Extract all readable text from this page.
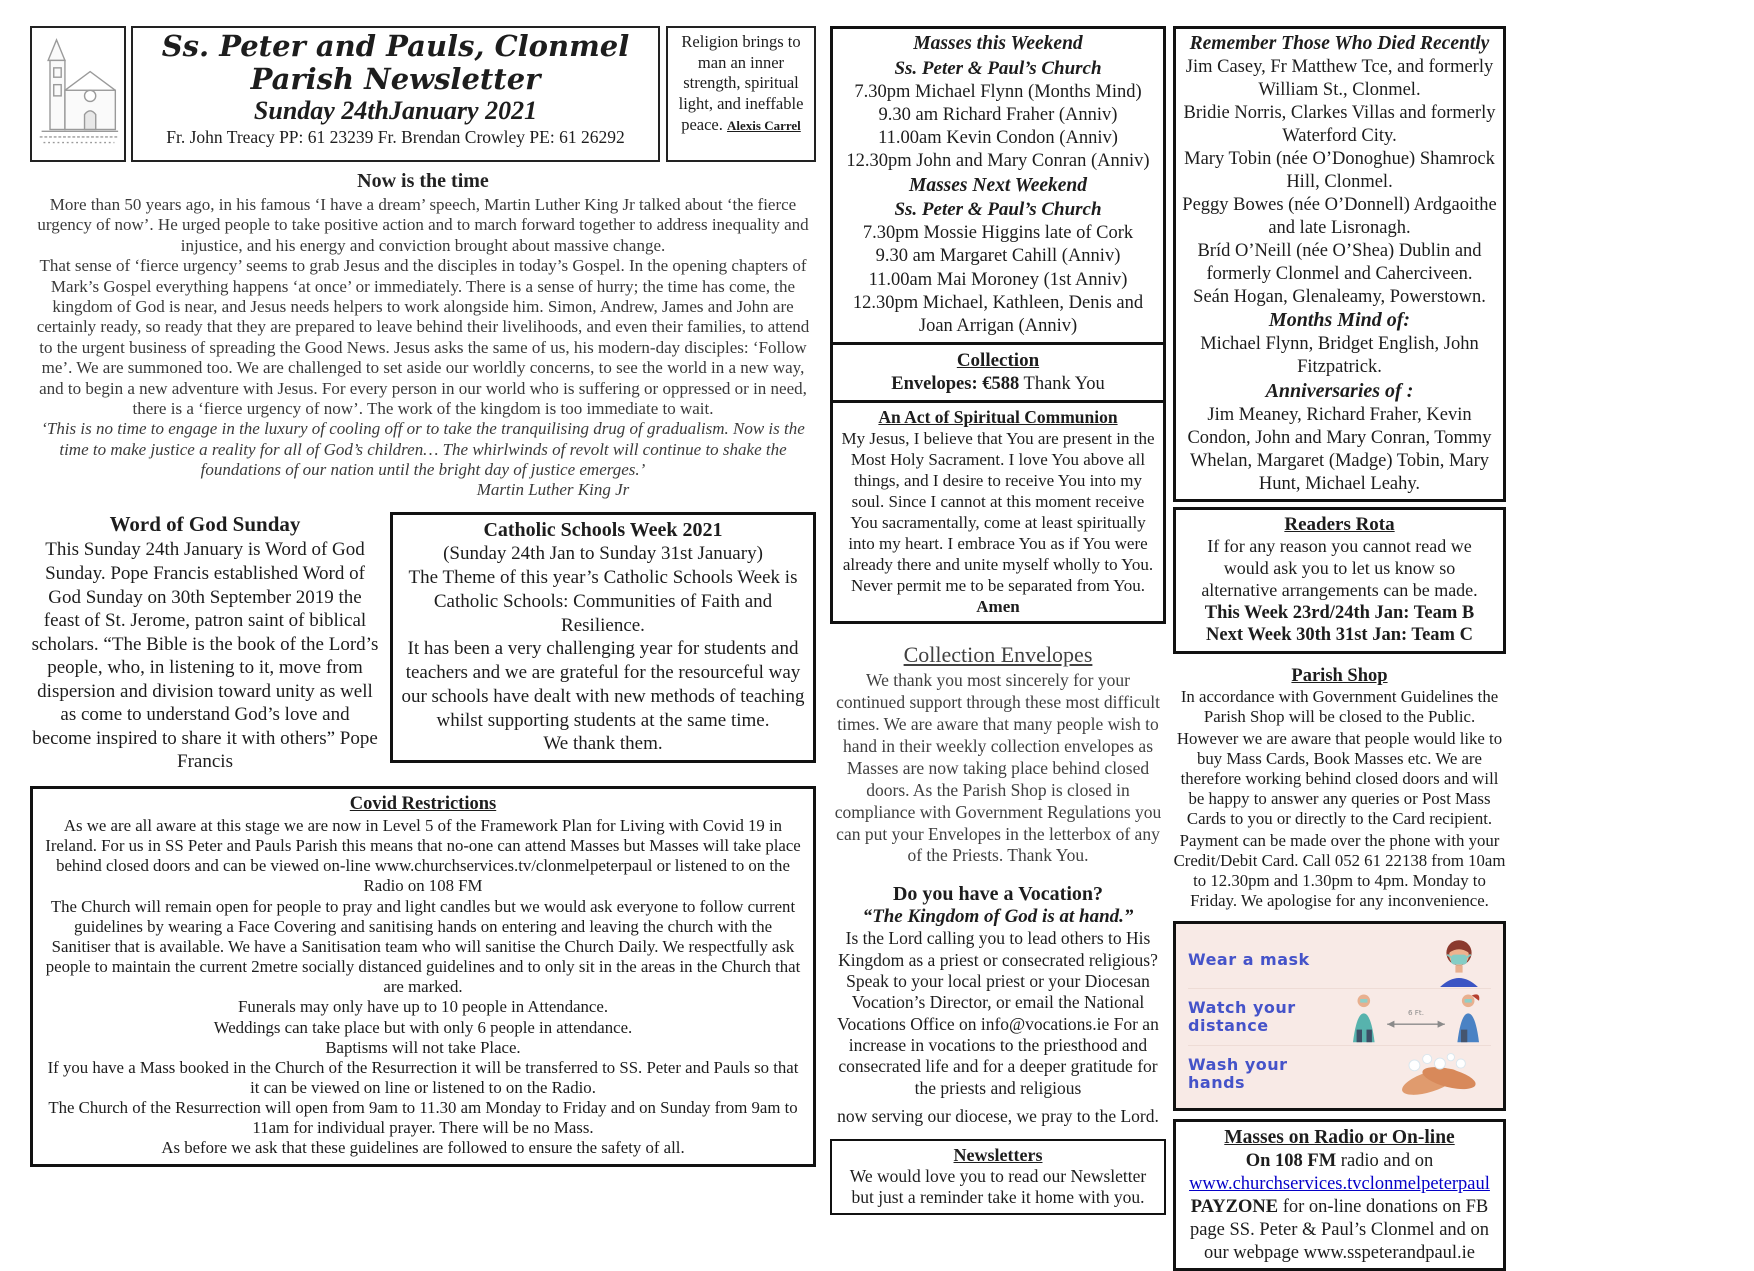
Ss. Peter and Pauls, Clonmel
Parish Newsletter
Sunday 24thJanuary 2021
Fr. John Treacy PP: 61 23239 Fr. Brendan Crowley PE: 61 26292
Religion brings to man an inner strength, spiritual light, and ineffable peace. Alexis Carrel
Now is the time

More than 50 years ago, in his famous ‘I have a dream’ speech, Martin Luther King Jr talked about ‘the fierce urgency of now’. He urged people to take positive action and to march forward together to address inequality and injustice, and his energy and conviction brought about massive change.

That sense of ‘fierce urgency’ seems to grab Jesus and the disciples in today’s Gospel. In the opening chapters of Mark’s Gospel everything happens ‘at once’ or immediately. There is a sense of hurry; the time has come, the kingdom of God is near, and Jesus needs helpers to work alongside him. Simon, Andrew, James and John are certainly ready, so ready that they are prepared to leave behind their livelihoods, and even their families, to attend to the urgent business of spreading the Good News. Jesus asks the same of us, his modern-day disciples: ‘Follow me’. We are summoned too. We are challenged to set aside our worldly concerns, to see the world in a new way, and to begin a new adventure with Jesus. For every person in our world who is suffering or oppressed or in need, there is a ‘fierce urgency of now’. The work of the kingdom is too immediate to wait.

‘This is no time to engage in the luxury of cooling off or to take the tranquilising drug of gradualism. Now is the time to make justice a reality for all of God’s children… The whirlwinds of revolt will continue to shake the foundations of our nation until the bright day of justice emerges.’

Martin Luther King Jr
Word of God Sunday
This Sunday 24th January is Word of God Sunday. Pope Francis established Word of God Sunday on 30th September 2019 the feast of St. Jerome, patron saint of biblical scholars. “The Bible is the book of the Lord’s people, who, in listening to it, move from dispersion and division toward unity as well as come to understand God’s love and become inspired to share it with others” Pope Francis
Catholic Schools Week 2021
(Sunday 24th Jan to Sunday 31st January)
The Theme of this year’s Catholic Schools Week is Catholic Schools: Communities of Faith and Resilience.
It has been a very challenging year for students and teachers and we are grateful for the resourceful way our schools have dealt with new methods of teaching whilst supporting students at the same time.
We thank them.
Covid Restrictions
As we are all aware at this stage we are now in Level 5 of the Framework Plan for Living with Covid 19 in Ireland. For us in SS Peter and Pauls Parish this means that no-one can attend Masses but Masses will take place behind closed doors and can be viewed on-line www.churchservices.tv/clonmelpeterpaul or listened to on the Radio on 108 FM
The Church will remain open for people to pray and light candles but we would ask everyone to follow current guidelines by wearing a Face Covering and sanitising hands on entering and leaving the church with the Sanitiser that is available. We have a Sanitisation team who will sanitise the Church Daily. We respectfully ask people to maintain the current 2metre socially distanced guidelines and to only sit in the areas in the Church that are marked.
Funerals may only have up to 10 people in Attendance.
Weddings can take place but with only 6 people in attendance.
Baptisms will not take Place.
If you have a Mass booked in the Church of the Resurrection it will be transferred to SS. Peter and Pauls so that it can be viewed on line or listened to on the Radio.
The Church of the Resurrection will open from 9am to 11.30 am Monday to Friday and on Sunday from 9am to 11am for individual prayer. There will be no Mass.
As before we ask that these guidelines are followed to ensure the safety of all.
Masses this Weekend
Ss. Peter & Paul’s Church
7.30pm Michael Flynn (Months Mind)
9.30 am Richard Fraher (Anniv)
11.00am Kevin Condon (Anniv)
12.30pm John and Mary Conran (Anniv)
Masses Next Weekend
Ss. Peter & Paul’s Church
7.30pm Mossie Higgins late of Cork
9.30 am Margaret Cahill (Anniv)
11.00am Mai Moroney (1st Anniv)
12.30pm Michael, Kathleen, Denis and Joan Arrigan (Anniv)
Collection
Envelopes: €588 Thank You
An Act of Spiritual Communion
My Jesus, I believe that You are present in the Most Holy Sacrament. I love You above all things, and I desire to receive You into my soul. Since I cannot at this moment receive You sacramentally, come at least spiritually into my heart. I embrace You as if You were already there and unite myself wholly to You. Never permit me to be separated from You. Amen
Collection Envelopes
We thank you most sincerely for your continued support through these most difficult times. We are aware that many people wish to hand in their weekly collection envelopes as Masses are now taking place behind closed doors. As the Parish Shop is closed in compliance with Government Regulations you can put your Envelopes in the letterbox of any of the Priests. Thank You.
Do you have a Vocation?
“The Kingdom of God is at hand.”
Is the Lord calling you to lead others to His Kingdom as a priest or consecrated religious? Speak to your local priest or your Diocesan Vocation’s Director, or email the National Vocations Office on info@vocations.ie For an increase in vocations to the priesthood and consecrated life and for a deeper gratitude for the priests and religious
now serving our diocese, we pray to the Lord.
Newsletters
We would love you to read our Newsletter but just a reminder take it home with you.
Remember Those Who Died Recently
Jim Casey, Fr Matthew Tce, and formerly William St., Clonmel.
Bridie Norris, Clarkes Villas and formerly Waterford City.
Mary Tobin (née O’Donoghue) Shamrock Hill, Clonmel.
Peggy Bowes (née O’Donnell) Ardgaoithe and late Lisronagh.
Bríd O’Neill (née O’Shea) Dublin and formerly Clonmel and Caherciveen.
Seán Hogan, Glenaleamy, Powerstown.
Months Mind of:
Michael Flynn, Bridget English, John Fitzpatrick.
Anniversaries of :
Jim Meaney, Richard Fraher, Kevin Condon, John and Mary Conran, Tommy Whelan, Margaret (Madge) Tobin, Mary Hunt, Michael Leahy.
Readers Rota
If for any reason you cannot read we would ask you to let us know so alternative arrangements can be made.
This Week 23rd/24th Jan: Team B
Next Week 30th 31st Jan: Team C
Parish Shop

In accordance with Government Guidelines the Parish Shop will be closed to the Public.

However we are aware that people would like to buy Mass Cards, Book Masses etc. We are therefore working behind closed doors and will be happy to answer any queries or Post Mass Cards to you or directly to the Card recipient.

Payment can be made over the phone with your Credit/Debit Card. Call 052 61 22138 from 10am to 12.30pm and 1.30pm to 4pm. Monday to Friday. We apologise for any inconvenience.

Wear a mask
Watch your distance
6 Ft.
Wash your hands
Masses on Radio or On-line
On 108 FM radio and on
www.churchservices.tvclonmelpeterpaul
PAYZONE for on-line donations on FB page SS. Peter & Paul’s Clonmel and on our webpage www.sspeterandpaul.ie
